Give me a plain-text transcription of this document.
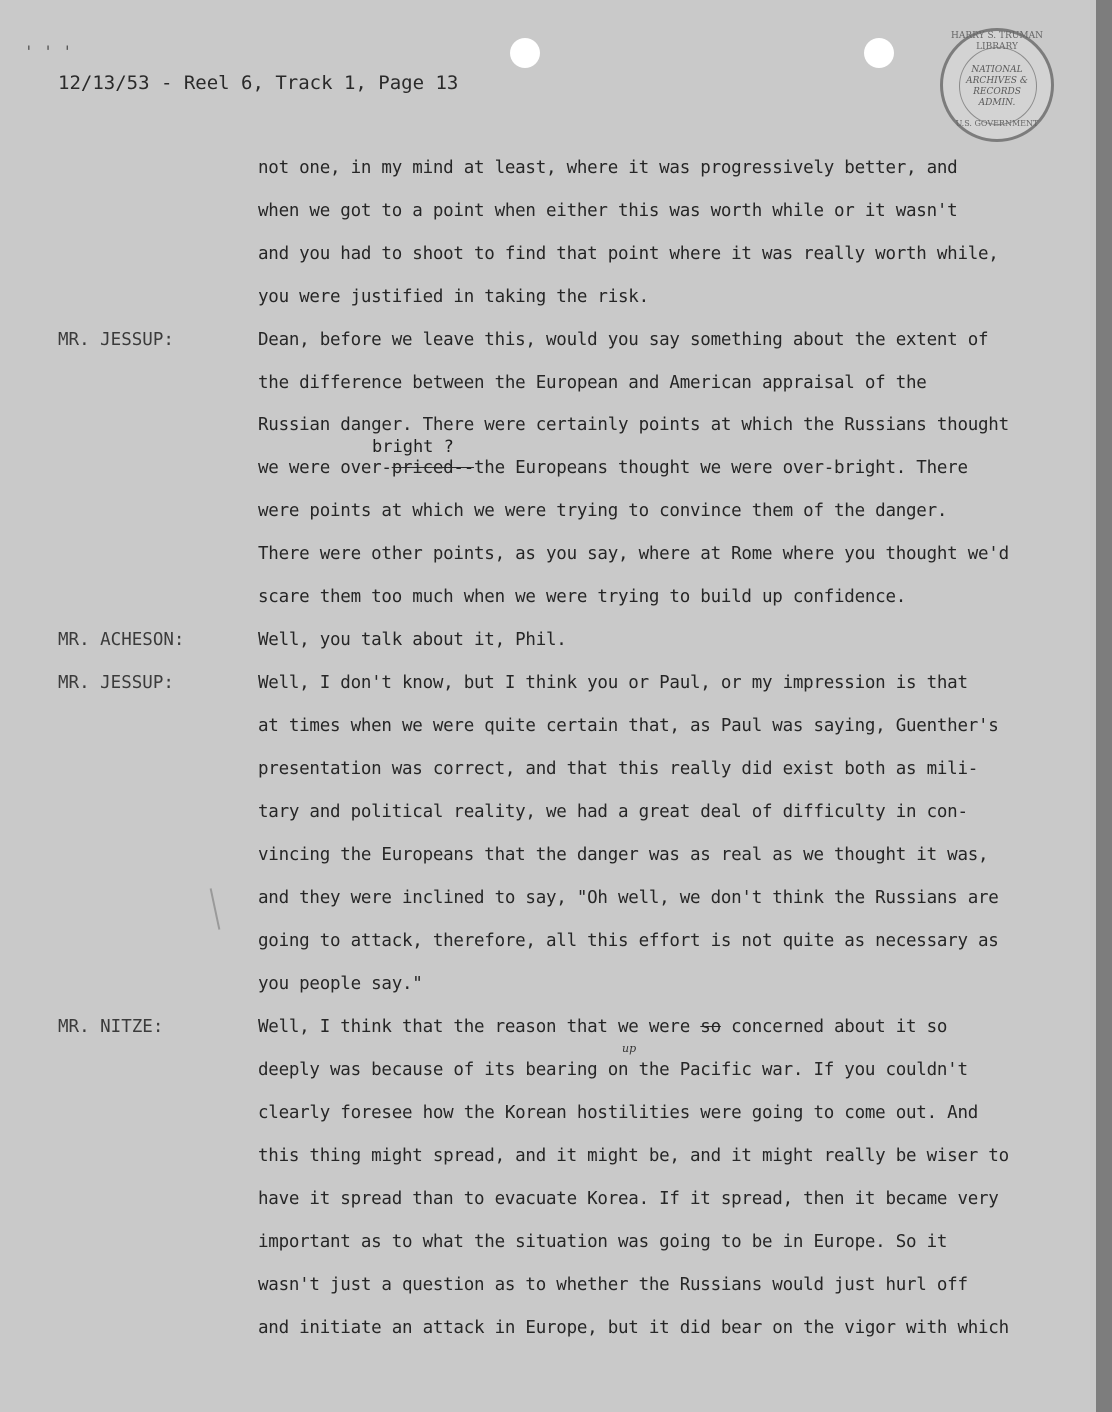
' ' '
12/13/53 - Reel 6, Track 1, Page 13
HARRY S. TRUMAN LIBRARY
NATIONAL ARCHIVES & RECORDS ADMIN.
U.S. GOVERNMENT
not one, in my mind at least, where it was progressively better, and
when we got to a point when either this was worth while or it wasn't
and you had to shoot to find that point where it was really worth while,
you were justified in taking the risk.
MR. JESSUP:	Dean, before we leave this, would you say something about the extent of
the difference between the European and American appraisal of the
Russian danger. There were certainly points at which the Russians thought
bright ?
we were over-priced--the Europeans thought we were over-bright. There
were points at which we were trying to convince them of the danger.
There were other points, as you say, where at Rome where you thought we'd
scare them too much when we were trying to build up confidence.
MR. ACHESON:	Well, you talk about it, Phil.
MR. JESSUP:	Well, I don't know, but I think you or Paul, or my impression is that
at times when we were quite certain that, as Paul was saying, Guenther's
presentation was correct, and that this really did exist both as mili-
tary and political reality, we had a great deal of difficulty in con-
vincing the Europeans that the danger was as real as we thought it was,
and they were inclined to say, "Oh well, we don't think the Russians are
going to attack, therefore, all this effort is not quite as necessary as
you people say."
MR. NITZE:	Well, I think that the reason that we were so concerned about it so
up
deeply was because of its bearing on the Pacific war. If you couldn't
clearly foresee how the Korean hostilities were going to come out. And
this thing might spread, and it might be, and it might really be wiser to
have it spread than to evacuate Korea. If it spread, then it became very
important as to what the situation was going to be in Europe. So it
wasn't just a question as to whether the Russians would just hurl off
and initiate an attack in Europe, but it did bear on the vigor with which
